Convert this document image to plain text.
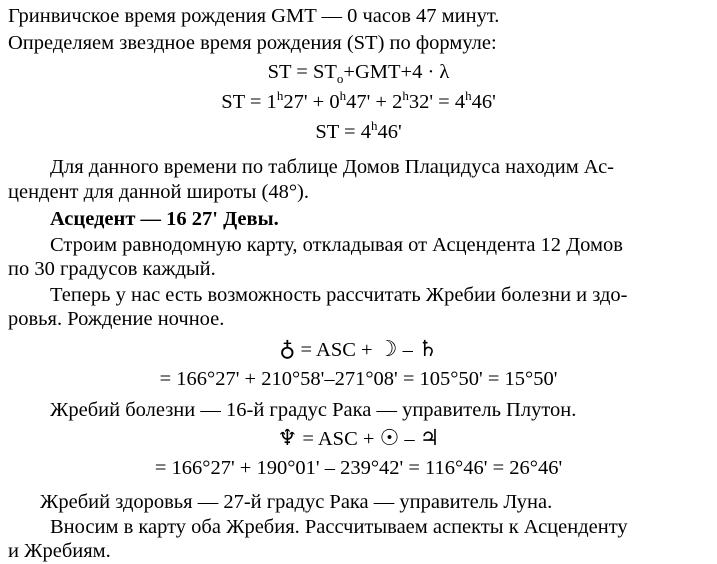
Гринвичское время рождения GMT — 0 часов 47 минут.
Определяем звездное время рождения (ST) по формуле:
ST = $ST_o+GMT+4 \cdot \lambda$
ST = $1^h27' + 0^h47' + 2^h32' = 4^h46'$
ST = $4^h46'$
Для данного времени по таблице Домов Плацидуса находим Ас-
цендент для данной широты (48°).
Асцедент — 16 27' Девы.
Строим равнодомную карту, откладывая от Асцендента 12 Домов
по 30 градусов каждый.
Теперь у нас есть возможность рассчитать Жребии болезни и здо-
ровья. Рождение ночное.
♁ = ASC + ☽ – ♄
= 166°27' + 210°58'–271°08' = 105°50' = 15°50'
Жребий болезни — 16-й градус Рака — управитель Плутон.
♆ = ASC + ☉ – ♃
= 166°27' + 190°01' – 239°42' = 116°46' = 26°46'
Жребий здоровья — 27-й градус Рака — управитель Луна.
Вносим в карту оба Жребия. Рассчитываем аспекты к Асценденту
и Жребиям.
